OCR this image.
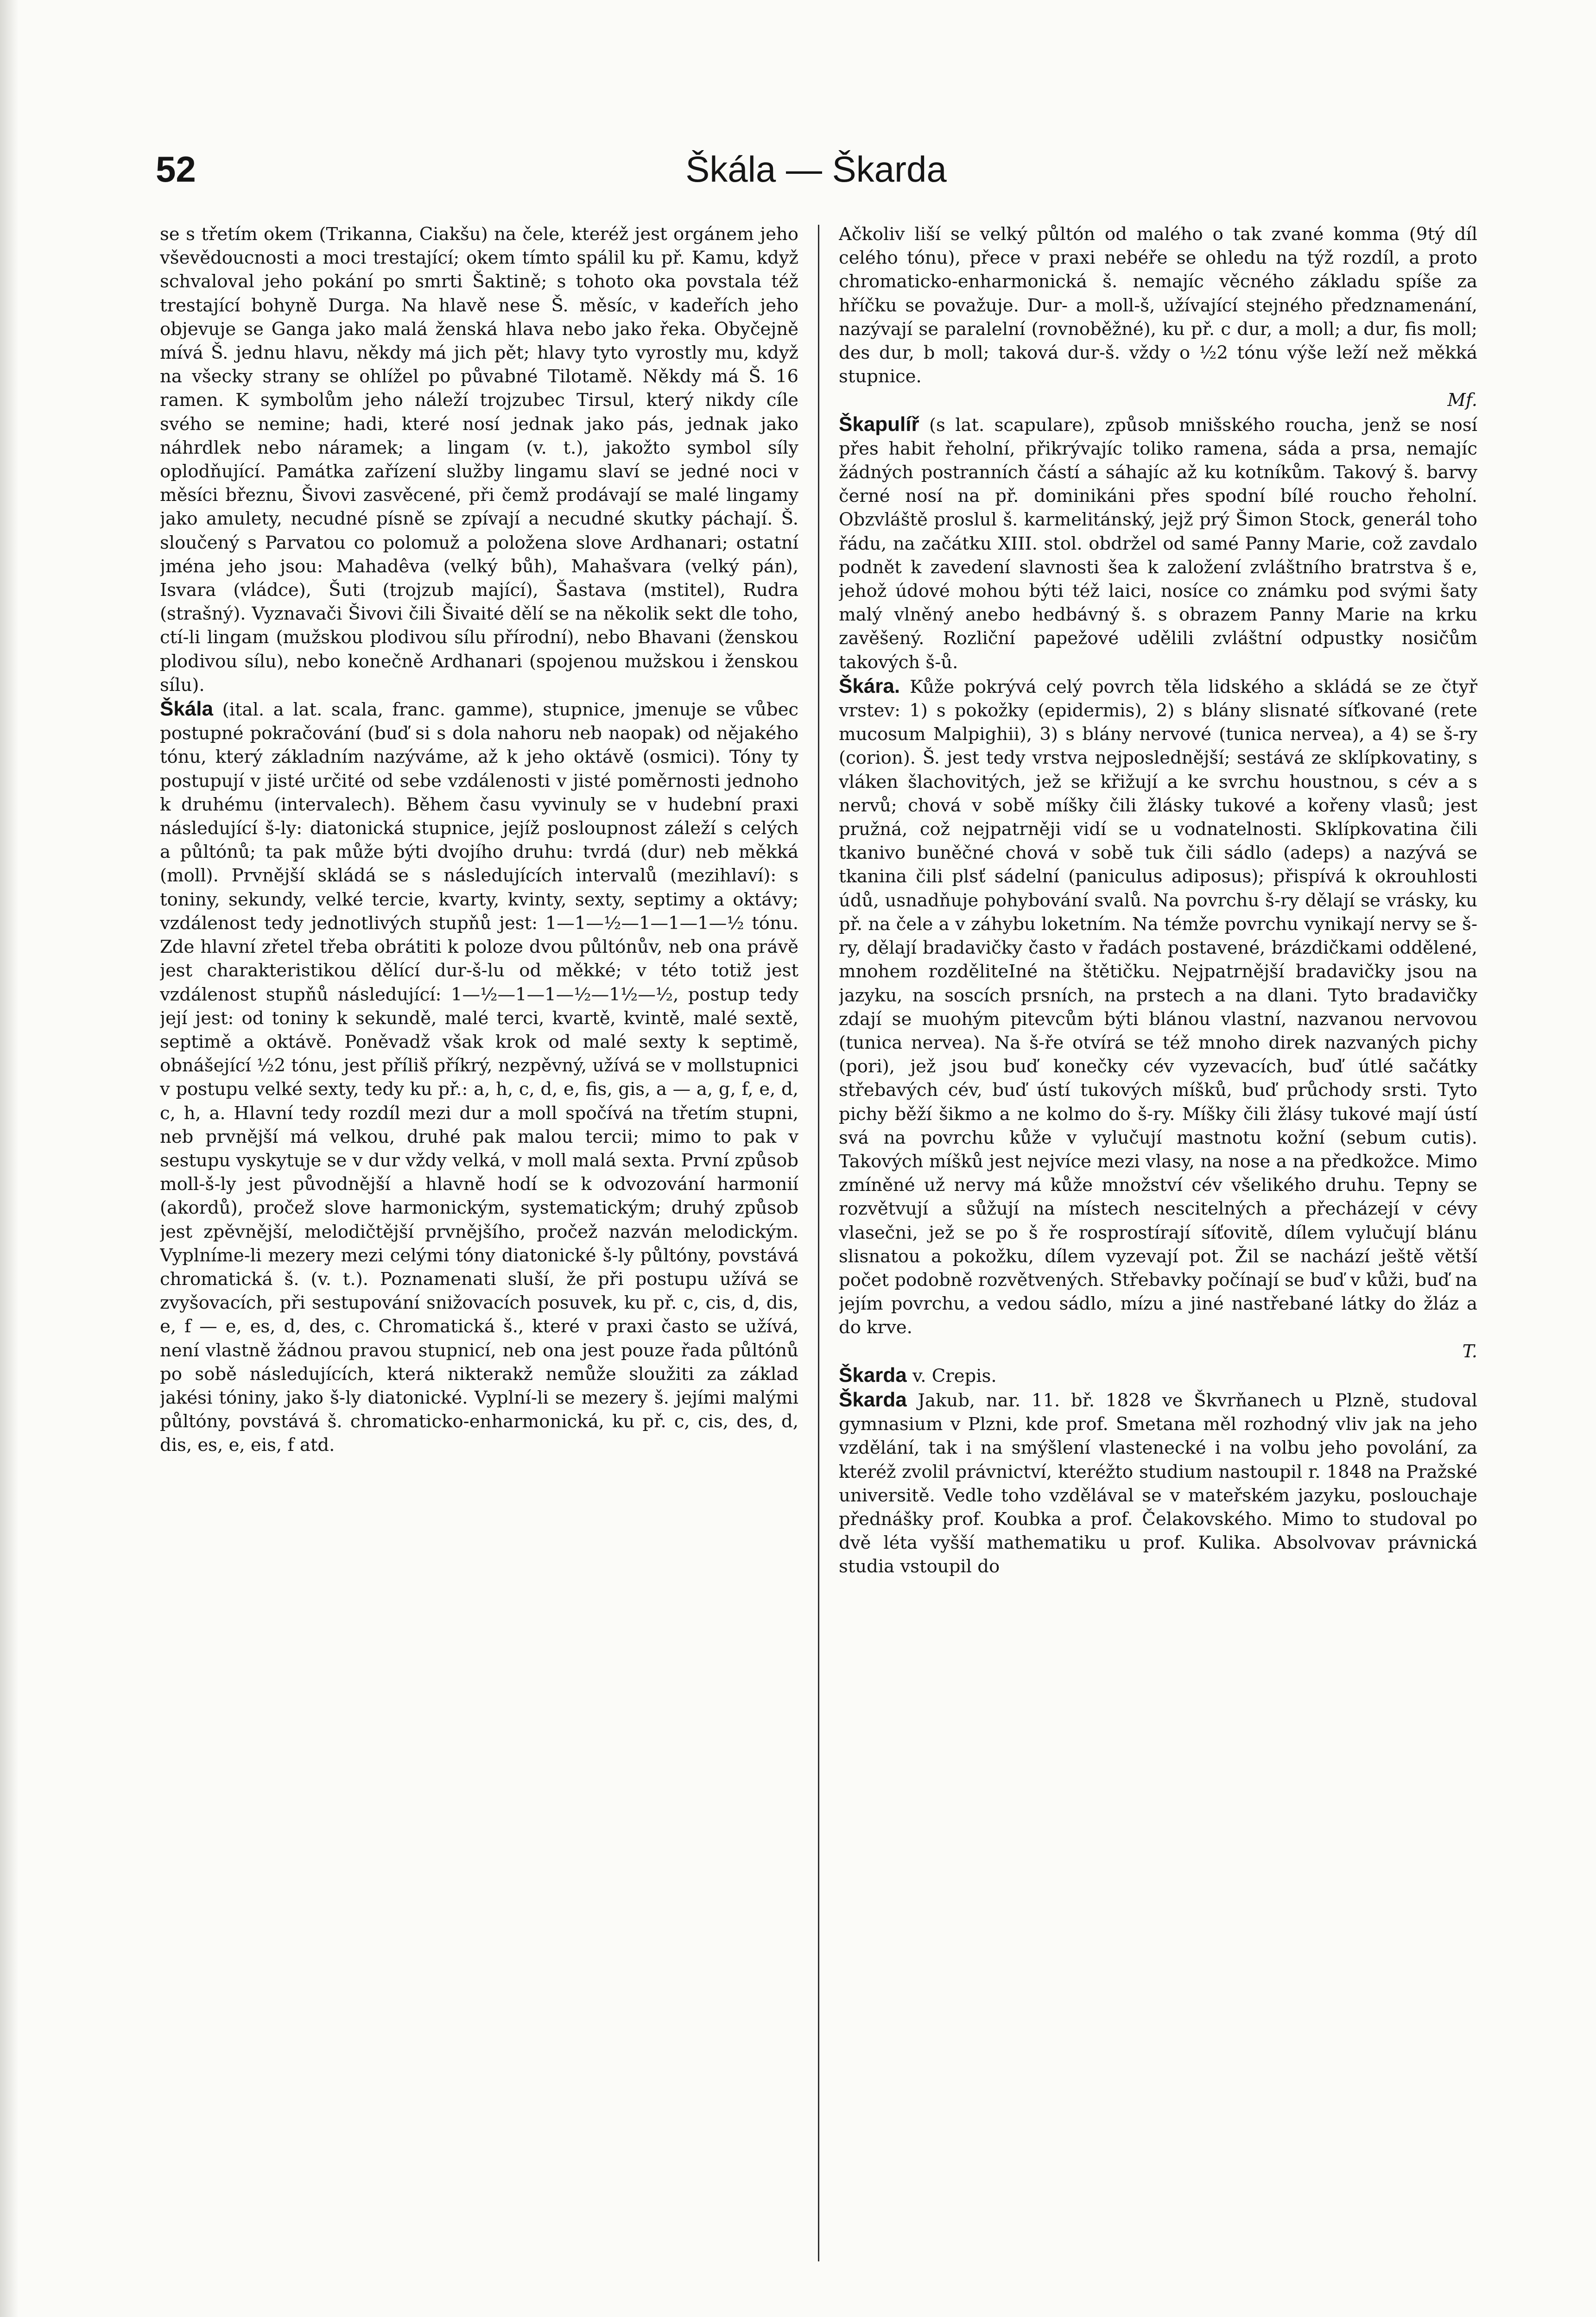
52	Škála — Škarda

se s třetím okem (Trikanna, Ciakšu) na čele, kteréž jest orgánem jeho vševědoucnosti a moci trestající; okem tímto spálil ku př. Kamu, když schvaloval jeho pokání po smrti Šaktině; s tohoto oka povstala též trestající bohyně Durga. Na hlavě nese Š. měsíc, v kadeřích jeho objevuje se Ganga jako malá ženská hlava nebo jako řeka. Obyčejně mívá Š. jednu hlavu, někdy má jich pět; hlavy tyto vyrostly mu, když na všecky strany se ohlížel po půvabné Tilotamě. Někdy má Š. 16 ramen. K symbolům jeho náleží trojzubec Tirsul, který nikdy cíle svého se nemine; hadi, které nosí jednak jako pás, jednak jako náhrdlek nebo náramek; a lingam (v. t.), jakožto symbol síly oplodňující. Památka zařízení služby lingamu slaví se jedné noci v měsíci březnu, Šivovi zasvěcené, při čemž prodávají se malé lingamy jako amulety, necudné písně se zpívají a necudné skutky páchají. Š. sloučený s Parvatou co polomuž a položena slove Ardhanari; ostatní jména jeho jsou: Mahadêva (velký bůh), Mahašvara (velký pán), Isvara (vládce), Šuti (trojzub mající), Šastava (mstitel), Rudra (strašný). Vyznavači Šivovi čili Šivaité dělí se na několik sekt dle toho, ctí-li lingam (mužskou plodivou sílu přírodní), nebo Bhavani (ženskou plodivou sílu), nebo konečně Ardhanari (spojenou mužskou i ženskou sílu).

Škála (ital. a lat. scala, franc. gamme), stupnice, jmenuje se vůbec postupné pokračování (buď si s dola nahoru neb naopak) od nějakého tónu, který základním nazýváme, až k jeho oktávě (osmici). Tóny ty postupují v jisté určité od sebe vzdálenosti v jisté poměrnosti jednoho k druhému (intervalech). Během času vyvinuly se v hudební praxi následující š-ly: diatonická stupnice, jejíž posloupnost záleží s celých a půltónů; ta pak může býti dvojího druhu: tvrdá (dur) neb měkká (moll). Prvnější skládá se s následujících intervalů (mezihlaví): s toniny, sekundy, velké tercie, kvarty, kvinty, sexty, septimy a oktávy; vzdálenost tedy jednotlivých stupňů jest: 1—1—½—1—1—1—½ tónu. Zde hlavní zřetel třeba obrátiti k poloze dvou půltónův, neb ona právě jest charakteristikou dělící dur-š-lu od měkké; v této totiž jest vzdálenost stupňů následující: 1—½—1—1—½—1½—½, postup tedy její jest: od toniny k sekundě, malé terci, kvartě, kvintě, malé sextě, septimě a oktávě. Poněvadž však krok od malé sexty k septimě, obnášející ½2 tónu, jest příliš příkrý, nezpěvný, užívá se v mollstupnici v postupu velké sexty, tedy ku př.: a, h, c, d, e, fis, gis, a — a, g, f, e, d, c, h, a. Hlavní tedy rozdíl mezi dur a moll spočívá na třetím stupni, neb prvnější má velkou, druhé pak malou tercii; mimo to pak v sestupu vyskytuje se v dur vždy velká, v moll malá sexta. První způsob moll-š-ly jest původnější a hlavně hodí se k odvozování harmonií (akordů), pročež slove harmonickým, systematickým; druhý způsob jest zpěvnější, melodičtější prvnějšího, pročež nazván melodickým. Vyplníme-li mezery mezi celými tóny diatonické š-ly půltóny, povstává chromatická š. (v. t.). Poznamenati sluší, že při postupu užívá se zvyšovacích, při sestupování snižovacích posuvek, ku př. c, cis, d, dis, e, f — e, es, d, des, c. Chromatická š., které v praxi často se užívá, není vlastně žádnou pravou stupnicí, neb ona jest pouze řada půltónů po sobě následujících, která nikterakž nemůže sloužiti za základ jakési tóniny, jako š-ly diatonické. Vyplní-li se mezery š. jejími malými půltóny, povstává š. chromaticko-enharmonická, ku př. c, cis, des, d, dis, es, e, eis, f atd.

Ačkoliv liší se velký půltón od malého o tak zvané komma (9tý díl celého tónu), přece v praxi nebéře se ohledu na týž rozdíl, a proto chromaticko-enharmonická š. nemajíc věcného základu spíše za hříčku se považuje. Dur- a moll-š, užívající stejného předznamenání, nazývají se paralelní (rovnoběžné), ku př. c dur, a moll; a dur, fis moll; des dur, b moll; taková dur-š. vždy o ½2 tónu výše leží než měkká stupnice.
Mf.

Škapulíř (s lat. scapulare), způsob mnišského roucha, jenž se nosí přes habit řeholní, přikrývajíc toliko ramena, sáda a prsa, nemajíc žádných postranních částí a sáhajíc až ku kotníkům. Takový š. barvy černé nosí na př. dominikáni přes spodní bílé roucho řeholní. Obzvláště proslul š. karmelitánský, jejž prý Šimon Stock, generál toho řádu, na začátku XIII. stol. obdržel od samé Panny Marie, což zavdalo podnět k zavedení slavnosti šea k založení zvláštního bratrstva š e, jehož údové mohou býti též laici, nosíce co známku pod svými šaty malý vlněný anebo hedbávný š. s obrazem Panny Marie na krku zavěšený. Rozliční papežové udělili zvláštní odpustky nosičům takových š-ů.

Škára. Kůže pokrývá celý povrch těla lidského a skládá se ze čtyř vrstev: 1) s pokožky (epidermis), 2) s blány slisnaté síťkované (rete mucosum Malpighii), 3) s blány nervové (tunica nervea), a 4) se š-ry (corion). Š. jest tedy vrstva nejposlednější; sestává ze sklípkovatiny, s vláken šlachovitých, jež se křižují a ke svrchu houstnou, s cév a s nervů; chová v sobě míšky čili žlásky tukové a kořeny vlasů; jest pružná, což nejpatrněji vidí se u vodnatelnosti. Sklípkovatina čili tkanivo buněčné chová v sobě tuk čili sádlo (adeps) a nazývá se tkanina čili plsť sádelní (paniculus adiposus); přispívá k okrouhlosti údů, usnadňuje pohybování svalů. Na povrchu š-ry dělají se vrásky, ku př. na čele a v záhybu loketním. Na témže povrchu vynikají nervy se š-ry, dělají bradavičky často v řadách postavené, brázdičkami oddělené, mnohem rozděliteIné na štětičku. Nejpatrnější bradavičky jsou na jazyku, na soscích prsních, na prstech a na dlani. Tyto bradavičky zdají se muohým pitevcům býti blánou vlastní, nazvanou nervovou (tunica nervea). Na š-ře otvírá se též mnoho direk nazvaných pichy (pori), jež jsou buď konečky cév vyzevacích, buď útlé sačátky střebavých cév, buď ústí tukových míšků, buď průchody srsti. Tyto pichy běží šikmo a ne kolmo do š-ry. Míšky čili žlásy tukové mají ústí svá na povrchu kůže v vylučují mastnotu kožní (sebum cutis). Takových míšků jest nejvíce mezi vlasy, na nose a na předkožce. Mimo zmíněné už nervy má kůže množství cév všelikého druhu. Tepny se rozvětvují a sůžují na místech nescitelných a přecházejí v cévy vlasečni, jež se po š ře rosprostírají síťovitě, dílem vylučují blánu slisnatou a pokožku, dílem vyzevají pot. Žil se nachází ještě větší počet podobně rozvětvených. Střebavky počínají se buď v kůži, buď na jejím povrchu, a vedou sádlo, mízu a jiné nastřebané látky do žláz a do krve.
T.

Škarda v. Crepis.

Škarda Jakub, nar. 11. bř. 1828 ve Škvrňanech u Plzně, studoval gymnasium v Plzni, kde prof. Smetana měl rozhodný vliv jak na jeho vzdělání, tak i na smýšlení vlastenecké i na volbu jeho povolání, za kteréž zvolil právnictví, kteréžto studium nastoupil r. 1848 na Pražské universitě. Vedle toho vzdělával se v mateřském jazyku, poslouchaje přednášky prof. Koubka a prof. Čelakovského. Mimo to studoval po dvě léta vyšší mathematiku u prof. Kulika. Absolvovav právnická studia vstoupil do
